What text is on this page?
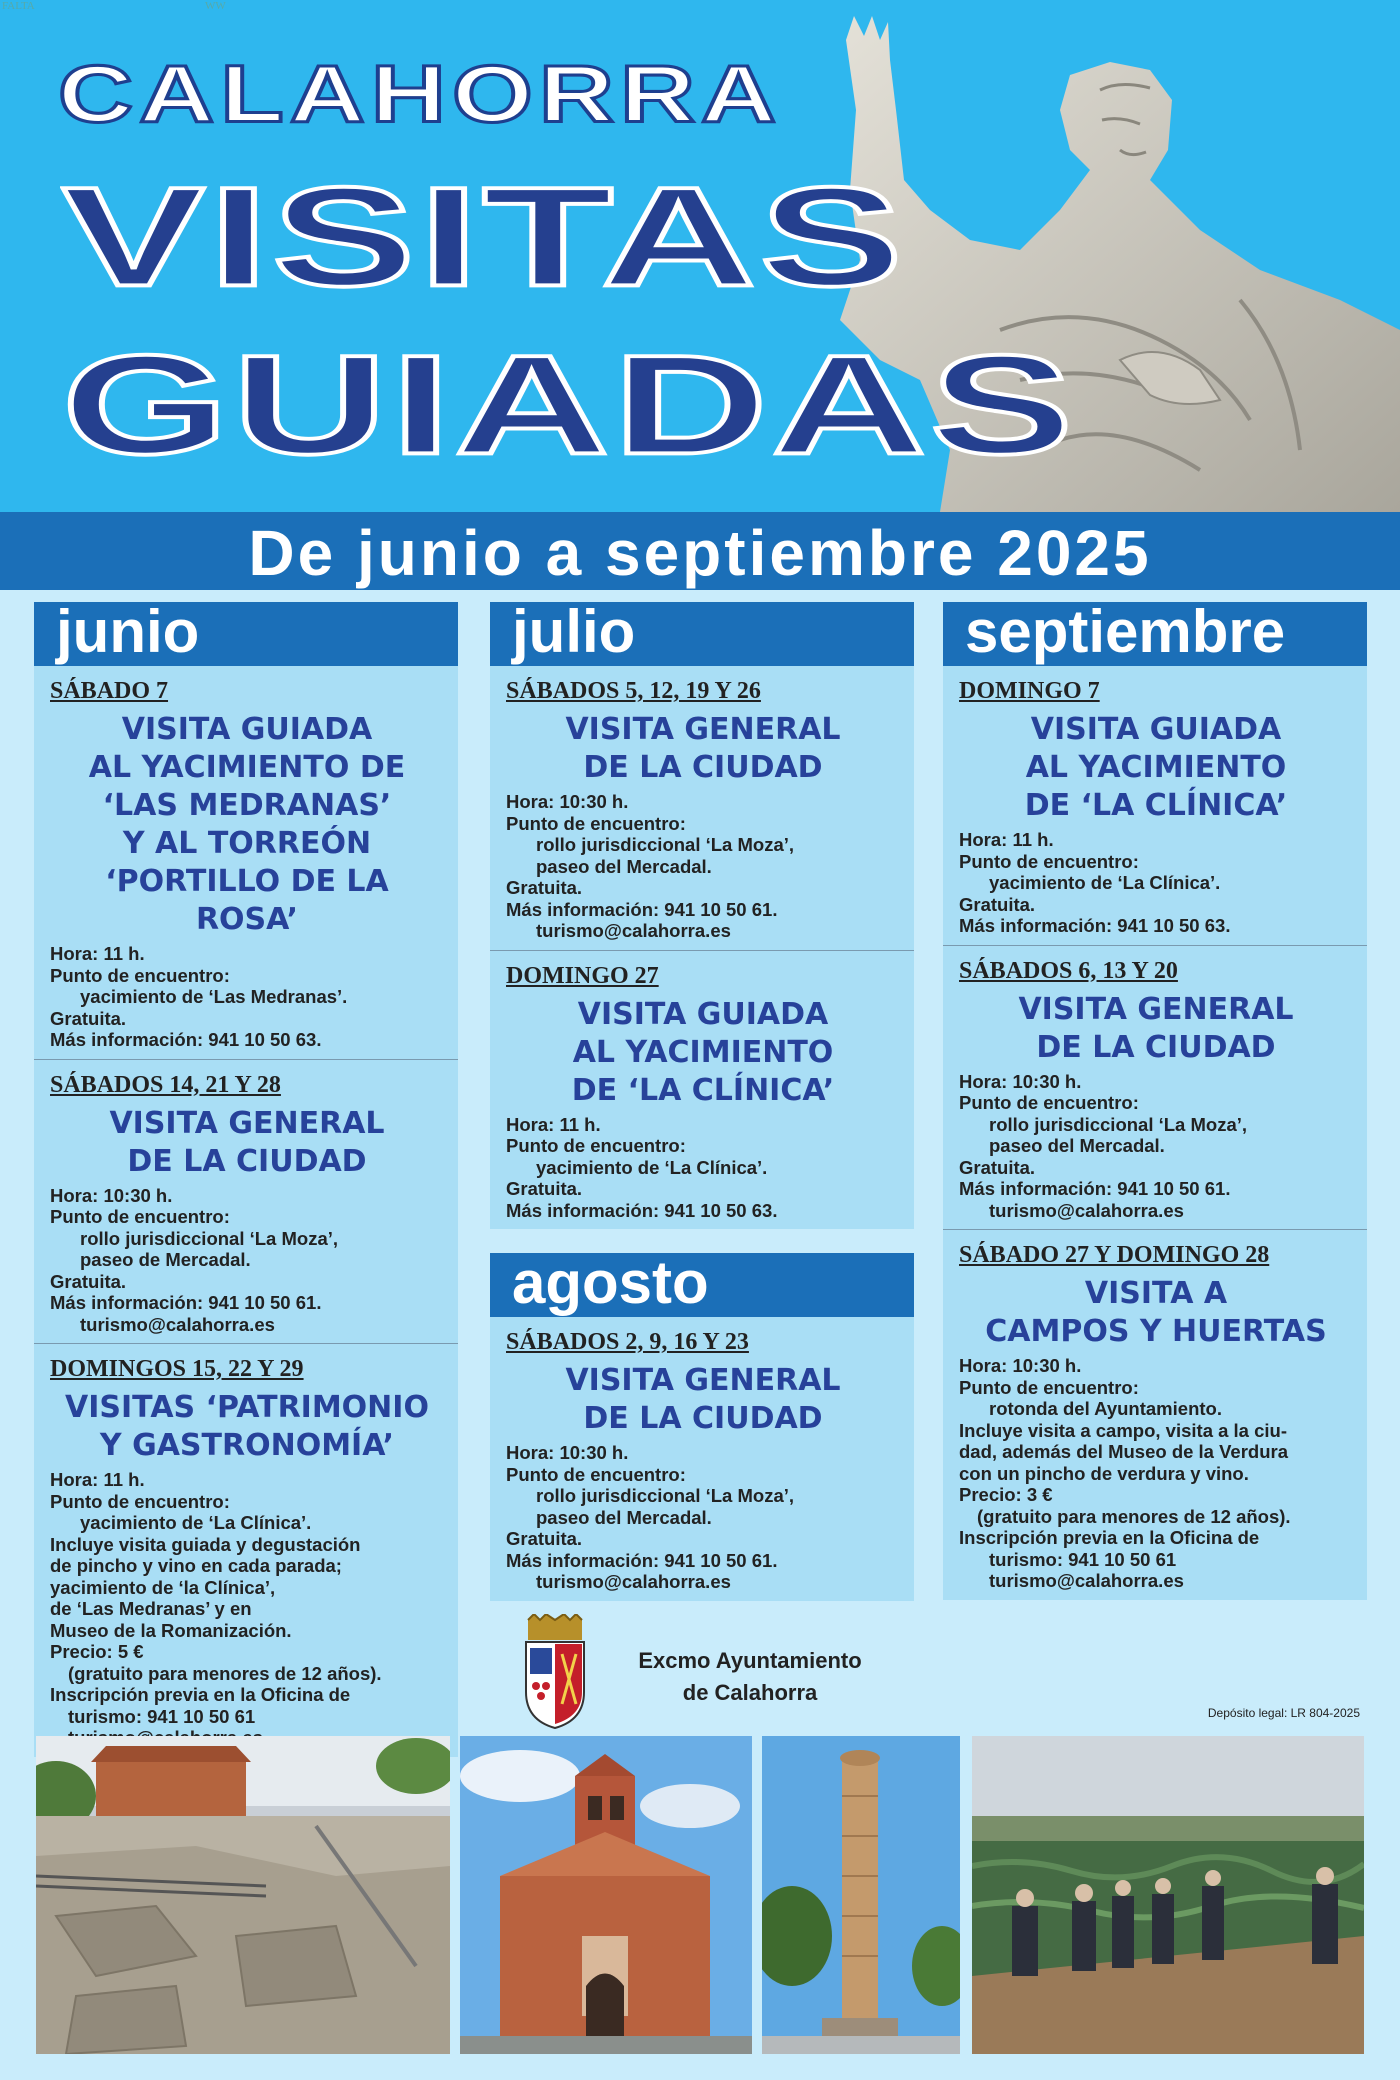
FALTA	WW
CALAHORRA
VISITAS
GUIADAS
De junio a septiembre 2025
junio
SÁBADO 7
VISITA GUIADA
AL YACIMIENTO DE
‘LAS MEDRANAS’
Y AL TORREÓN
‘PORTILLO DE LA ROSA’
Hora: 11 h.
Punto de encuentro:
yacimiento de ‘Las Medranas’.
Gratuita.
Más información: 941 10 50 63.
SÁBADOS 14, 21 Y 28
VISITA GENERAL
DE LA CIUDAD
Hora: 10:30 h.
Punto de encuentro:
rollo jurisdiccional ‘La Moza’,
paseo de Mercadal.
Gratuita.
Más información: 941 10 50 61.
turismo@calahorra.es
DOMINGOS 15, 22 Y 29
VISITAS ‘PATRIMONIO
Y GASTRONOMÍA’
Hora: 11 h.
Punto de encuentro:
yacimiento de ‘La Clínica’.
Incluye visita guiada y degustación
de pincho y vino en cada parada;
yacimiento de ‘la Clínica’,
de ‘Las Medranas’ y en
Museo de la Romanización.
Precio: 5 €
(gratuito para menores de 12 años).
Inscripción previa en la Oficina de
turismo: 941 10 50 61
julio
SÁBADOS 5, 12, 19 Y 26
VISITA GENERAL
DE LA CIUDAD
Hora: 10:30 h.
Punto de encuentro:
rollo jurisdiccional ‘La Moza’,
paseo del Mercadal.
Gratuita.
Más información: 941 10 50 61.
turismo@calahorra.es
DOMINGO 27
VISITA GUIADA
AL YACIMIENTO
DE ‘LA CLÍNICA’
Hora: 11 h.
Punto de encuentro:
yacimiento de ‘La Clínica’.
Gratuita.
Más información: 941 10 50 63.
agosto
SÁBADOS 2, 9, 16 Y 23
VISITA GENERAL
DE LA CIUDAD
Hora: 10:30 h.
Punto de encuentro:
rollo jurisdiccional ‘La Moza’,
paseo del Mercadal.
Gratuita.
Más información: 941 10 50 61.
turismo@calahorra.es
septiembre
DOMINGO 7
VISITA GUIADA
AL YACIMIENTO
DE ‘LA CLÍNICA’
Hora: 11 h.
Punto de encuentro:
yacimiento de ‘La Clínica’.
Gratuita.
Más información: 941 10 50 63.
SÁBADOS 6, 13 Y 20
VISITA GENERAL
DE LA CIUDAD
Hora: 10:30 h.
Punto de encuentro:
rollo jurisdiccional ‘La Moza’,
paseo del Mercadal.
Gratuita.
Más información: 941 10 50 61.
turismo@calahorra.es
SÁBADO 27 Y DOMINGO 28
VISITA A
CAMPOS Y HUERTAS
Hora: 10:30 h.
Punto de encuentro:
rotonda del Ayuntamiento.
Incluye visita a campo, visita a la ciu-
dad, además del Museo de la Verdura
con un pincho de verdura y vino.
Precio: 3 €
(gratuito para menores de 12 años).
Inscripción previa en la Oficina de
turismo: 941 10 50 61
turismo@calahorra.es
Excmo Ayuntamiento
de Calahorra
Depósito legal: LR 804-2025
